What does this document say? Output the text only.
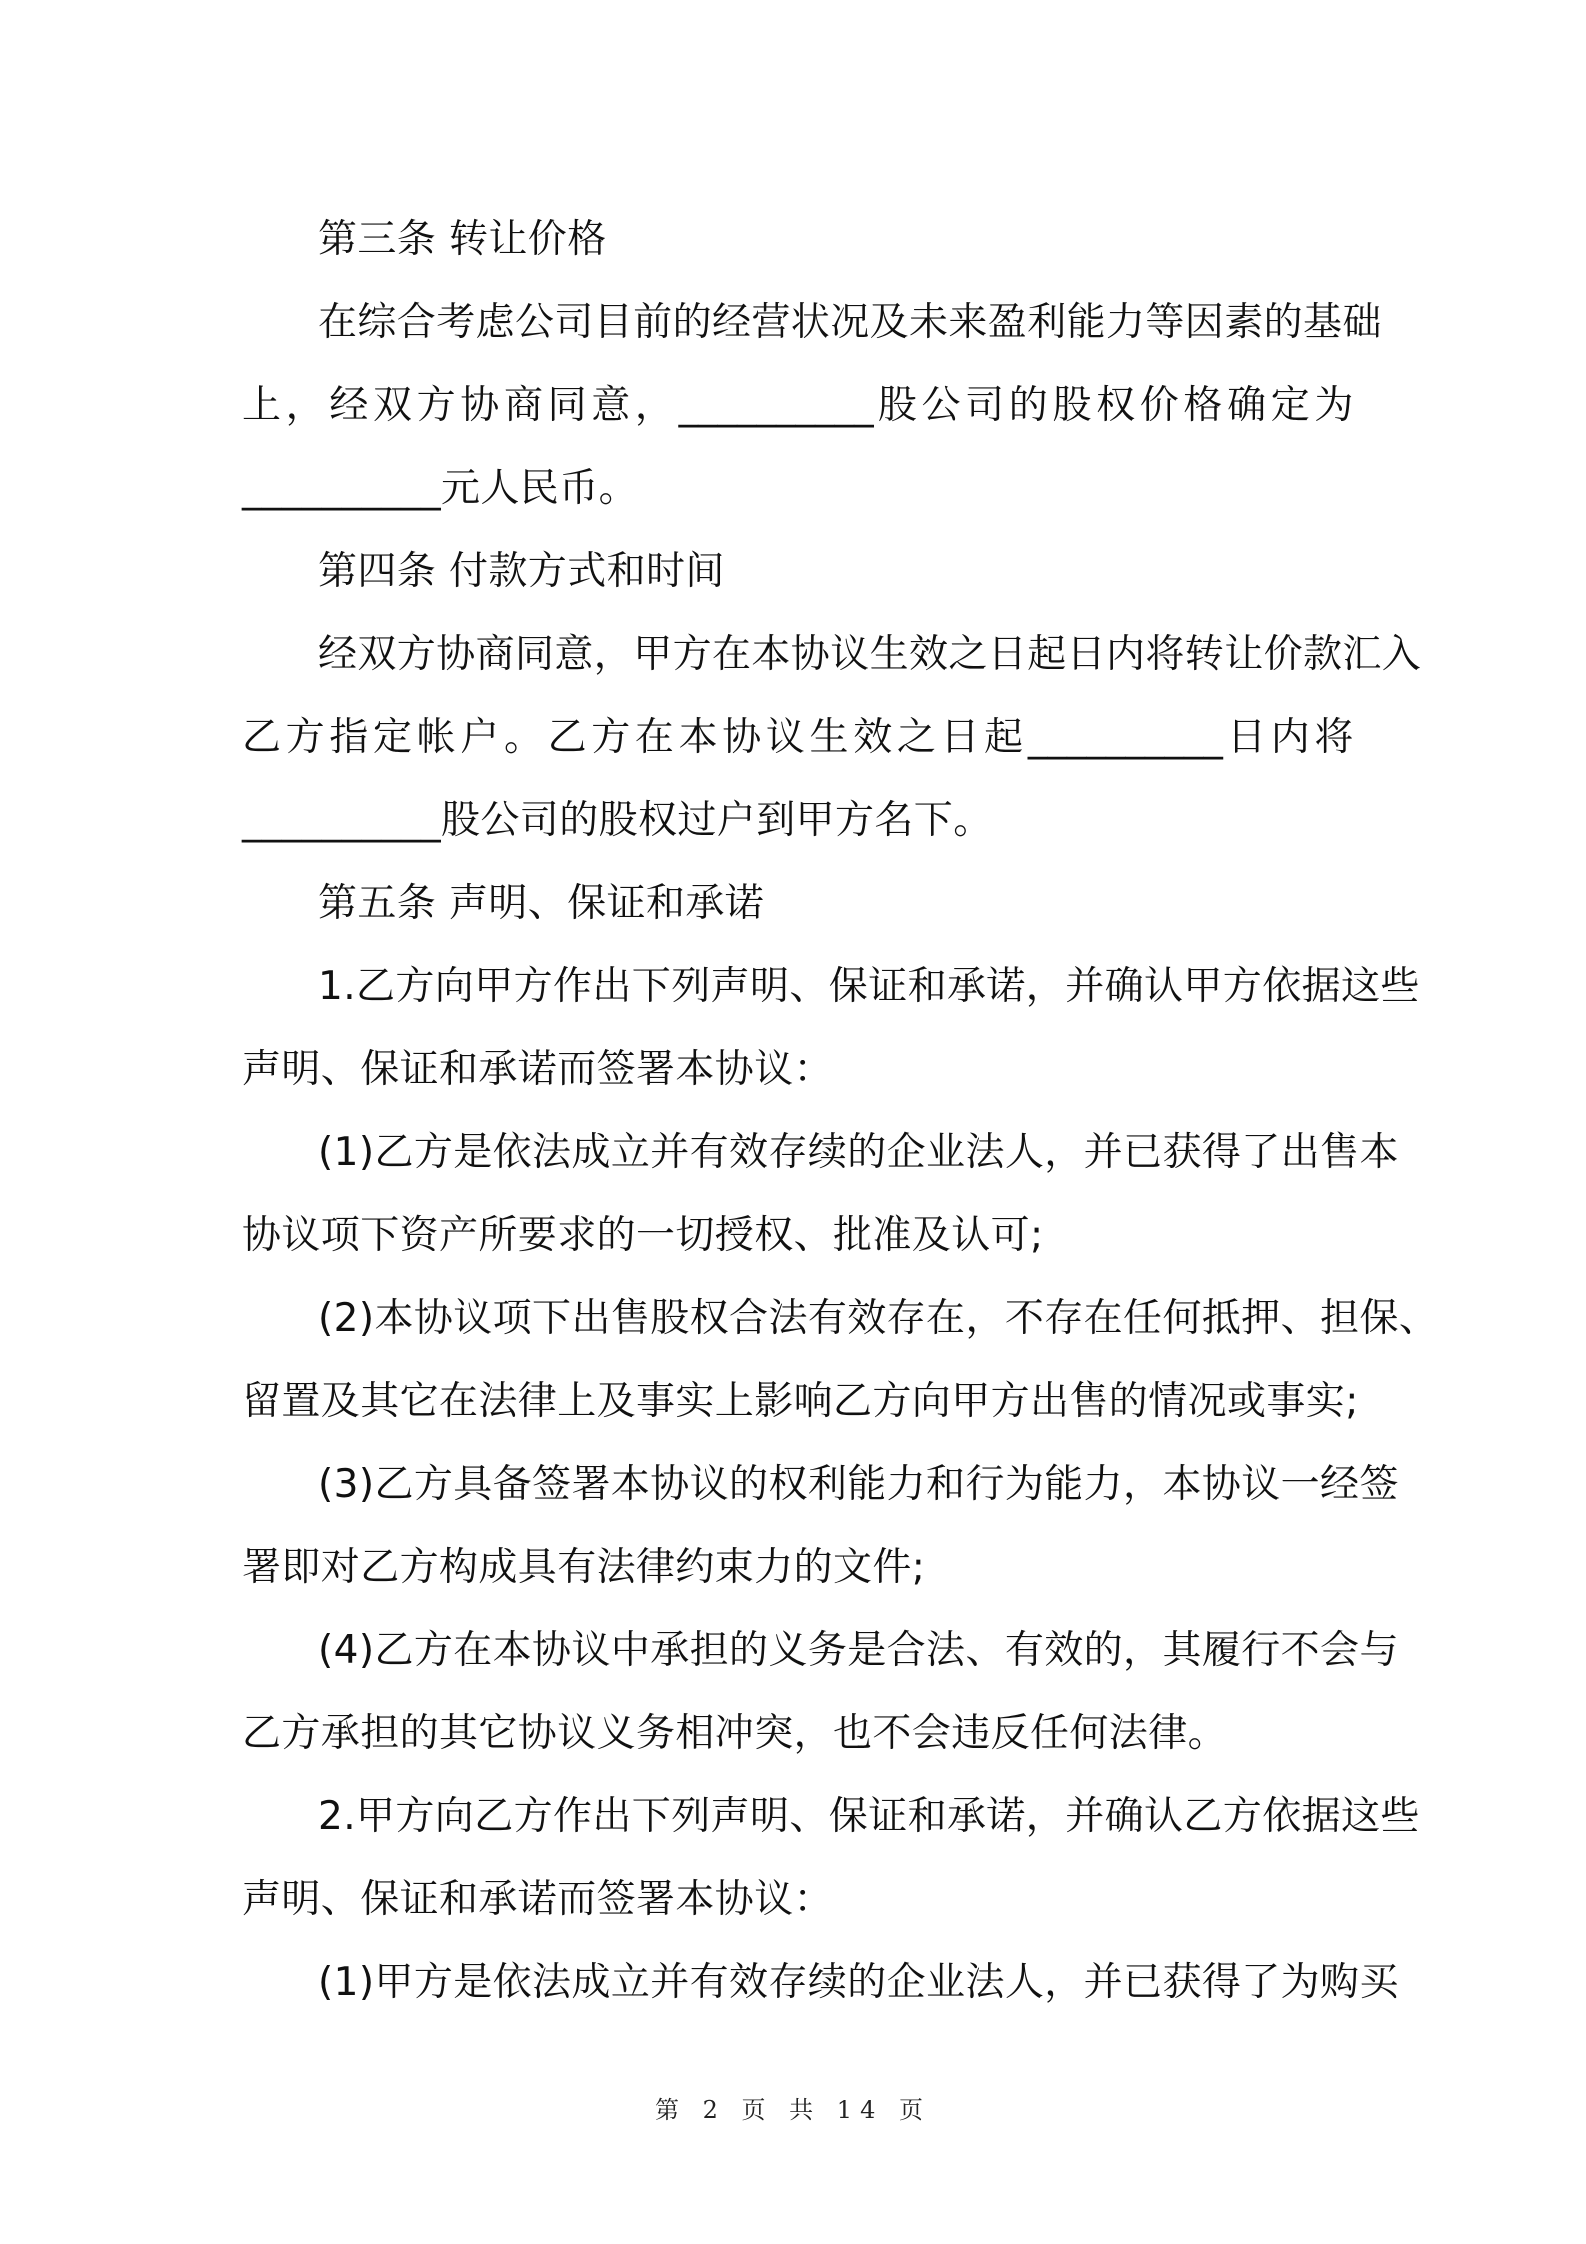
第三条 转让价格
在综合考虑公司目前的经营状况及未来盈利能力等因素的基础
上 ， 经 双 方 协 商 同 意 ， __________ 股 公 司 的 股 权 价 格 确 定 为
__________元人民币。
第四条 付款方式和时间
经双方协商同意，甲方在本协议生效之日起日内将转让价款汇入
乙 方 指 定 帐 户 。 乙 方 在 本 协 议 生 效 之 日 起 __________ 日 内 将
__________股公司的股权过户到甲方名下。
第五条 声明、保证和承诺
1.乙方向甲方作出下列声明、保证和承诺，并确认甲方依据这些
声明、保证和承诺而签署本协议：
(1)乙方是依法成立并有效存续的企业法人，并已获得了出售本
协议项下资产所要求的一切授权、批准及认可;
(2)本协议项下出售股权合法有效存在，不存在任何抵押、担保、
留置及其它在法律上及事实上影响乙方向甲方出售的情况或事实;
(3)乙方具备签署本协议的权利能力和行为能力，本协议一经签
署即对乙方构成具有法律约束力的文件;
(4)乙方在本协议中承担的义务是合法、有效的，其履行不会与
乙方承担的其它协议义务相冲突，也不会违反任何法律。
2.甲方向乙方作出下列声明、保证和承诺，并确认乙方依据这些
声明、保证和承诺而签署本协议：
(1)甲方是依法成立并有效存续的企业法人，并已获得了为购买
第 2 页 共 14 页
